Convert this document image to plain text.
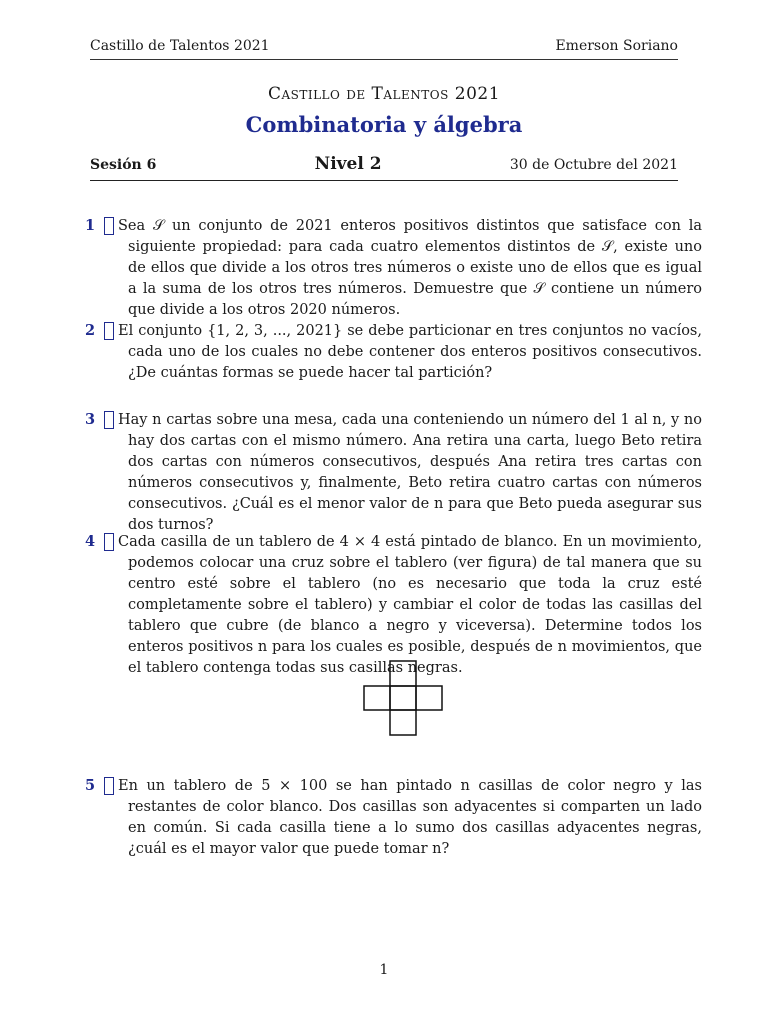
Castillo de Talentos 2021	Emerson Soriano
Castillo de Talentos 2021
Combinatoria y álgebra
Sesión 6	Nivel 2	30 de Octubre del 2021
1 Sea 𝒮 un conjunto de 2021 enteros positivos distintos que satisface con la siguiente propiedad: para cada cuatro elementos distintos de 𝒮, existe uno de ellos que divide a los otros tres números o existe uno de ellos que es igual a la suma de los otros tres números. Demuestre que 𝒮 contiene un número que divide a los otros 2020 números.
2 El conjunto {1, 2, 3, ..., 2021} se debe particionar en tres conjuntos no vacíos, cada uno de los cuales no debe contener dos enteros positivos consecutivos. ¿De cuántas formas se puede hacer tal partición?
3 Hay n cartas sobre una mesa, cada una conteniendo un número del 1 al n, y no hay dos cartas con el mismo número. Ana retira una carta, luego Beto retira dos cartas con números consecutivos, después Ana retira tres cartas con números consecutivos y, finalmente, Beto retira cuatro cartas con números consecutivos. ¿Cuál es el menor valor de n para que Beto pueda asegurar sus dos turnos?
4 Cada casilla de un tablero de 4 × 4 está pintado de blanco. En un movimiento, podemos colocar una cruz sobre el tablero (ver figura) de tal manera que su centro esté sobre el tablero (no es necesario que toda la cruz esté completamente sobre el tablero) y cambiar el color de todas las casillas del tablero que cubre (de blanco a negro y viceversa). Determine todos los enteros positivos n para los cuales es posible, después de n movimientos, que el tablero contenga todas sus casillas negras.
5 En un tablero de 5 × 100 se han pintado n casillas de color negro y las restantes de color blanco. Dos casillas son adyacentes si comparten un lado en común. Si cada casilla tiene a lo sumo dos casillas adyacentes negras, ¿cuál es el mayor valor que puede tomar n?
1
